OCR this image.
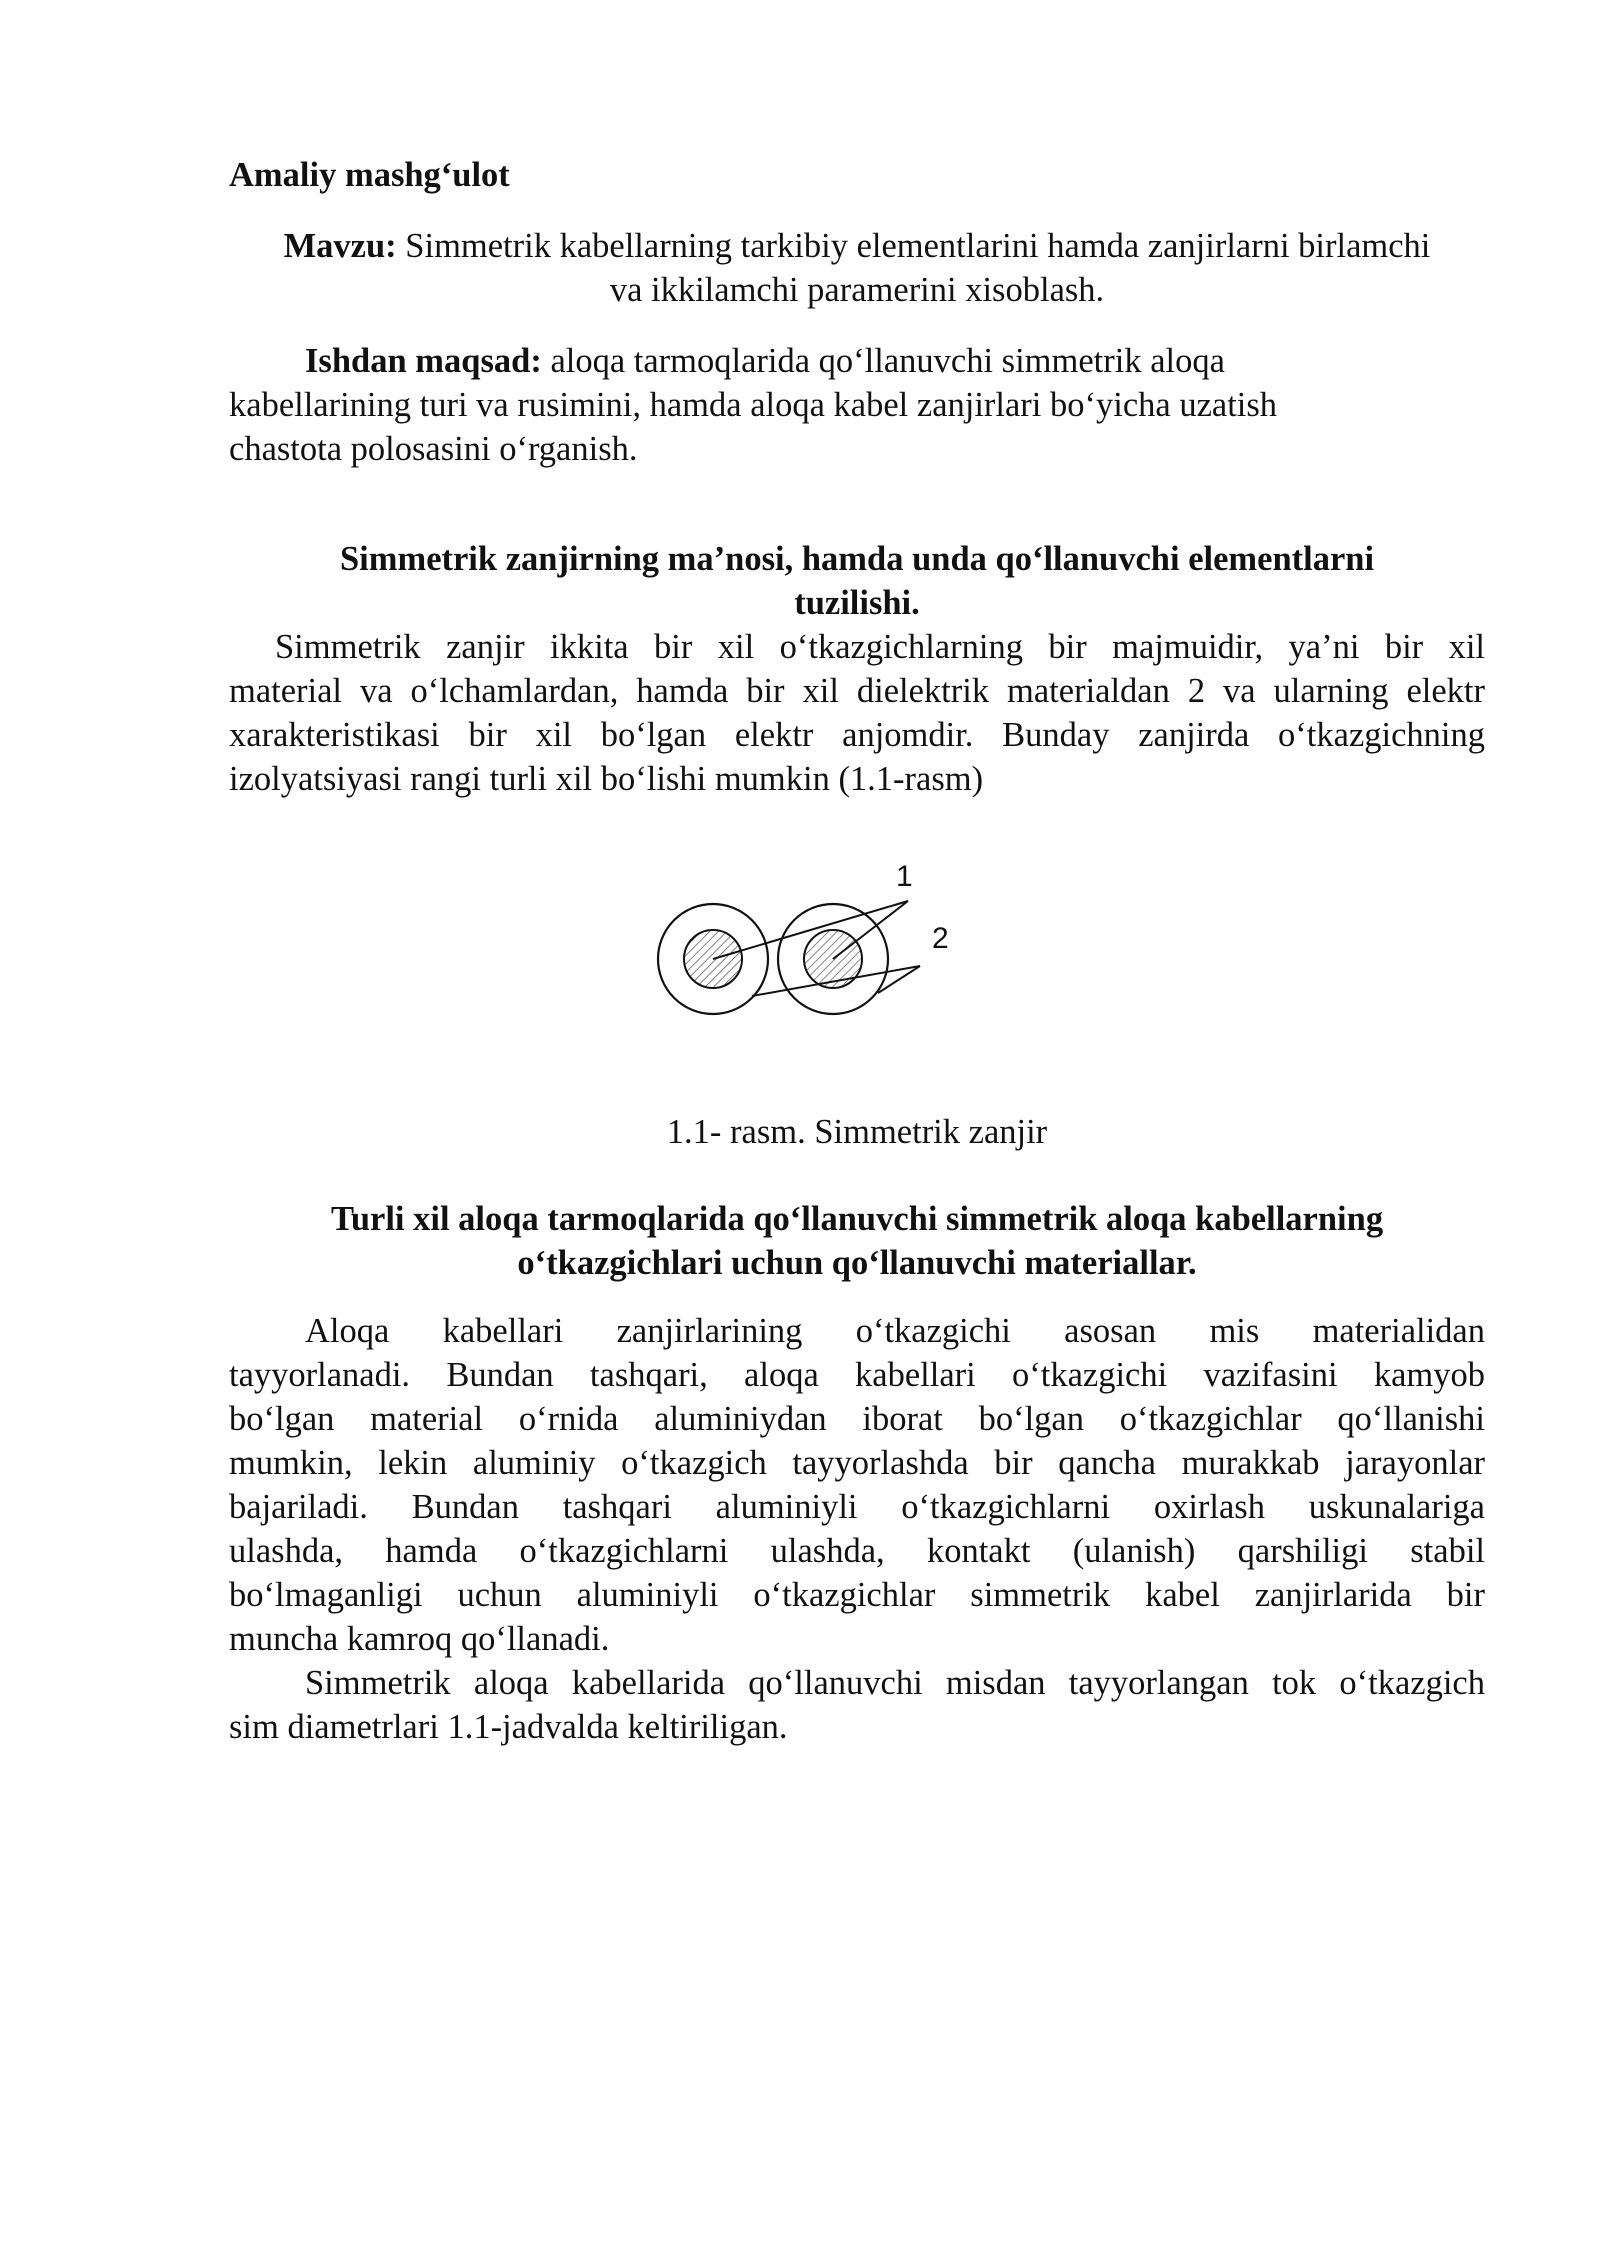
Amaliy mashg‘ulot
Mavzu: Simmetrik kabellarning tarkibiy elementlarini hamda zanjirlarni birlamchi
va ikkilamchi paramerini xisoblash.
Ishdan maqsad: aloqa tarmoqlarida qo‘llanuvchi simmetrik aloqa
kabellarining turi va rusimini, hamda aloqa kabel zanjirlari bo‘yicha uzatish
chastota polosasini o‘rganish.
Simmetrik zanjirning ma’nosi, hamda unda qo‘llanuvchi elementlarni
tuzilishi.
Simmetrik zanjir ikkita bir xil o‘tkazgichlarning bir majmuidir, ya’ni bir xil
material va o‘lchamlardan, hamda bir xil dielektrik materialdan 2 va ularning elektr
xarakteristikasi bir xil bo‘lgan elektr anjomdir. Bunday zanjirda o‘tkazgichning
izolyatsiyasi rangi turli xil bo‘lishi mumkin (1.1-rasm)
1
2
1.1- rasm. Simmetrik zanjir
Turli xil aloqa tarmoqlarida qo‘llanuvchi simmetrik aloqa kabellarning
o‘tkazgichlari uchun qo‘llanuvchi materiallar.
Aloqa kabellari zanjirlarining o‘tkazgichi asosan mis materialidan
tayyorlanadi. Bundan tashqari, aloqa kabellari o‘tkazgichi vazifasini kamyob
bo‘lgan material o‘rnida aluminiydan iborat bo‘lgan o‘tkazgichlar qo‘llanishi
mumkin, lekin aluminiy o‘tkazgich tayyorlashda bir qancha murakkab jarayonlar
bajariladi. Bundan tashqari aluminiyli o‘tkazgichlarni oxirlash uskunalariga
ulashda, hamda o‘tkazgichlarni ulashda, kontakt (ulanish) qarshiligi stabil
bo‘lmaganligi uchun aluminiyli o‘tkazgichlar simmetrik kabel zanjirlarida bir
muncha kamroq qo‘llanadi.
Simmetrik aloqa kabellarida qo‘llanuvchi misdan tayyorlangan tok o‘tkazgich
sim diametrlari 1.1-jadvalda keltiriligan.
